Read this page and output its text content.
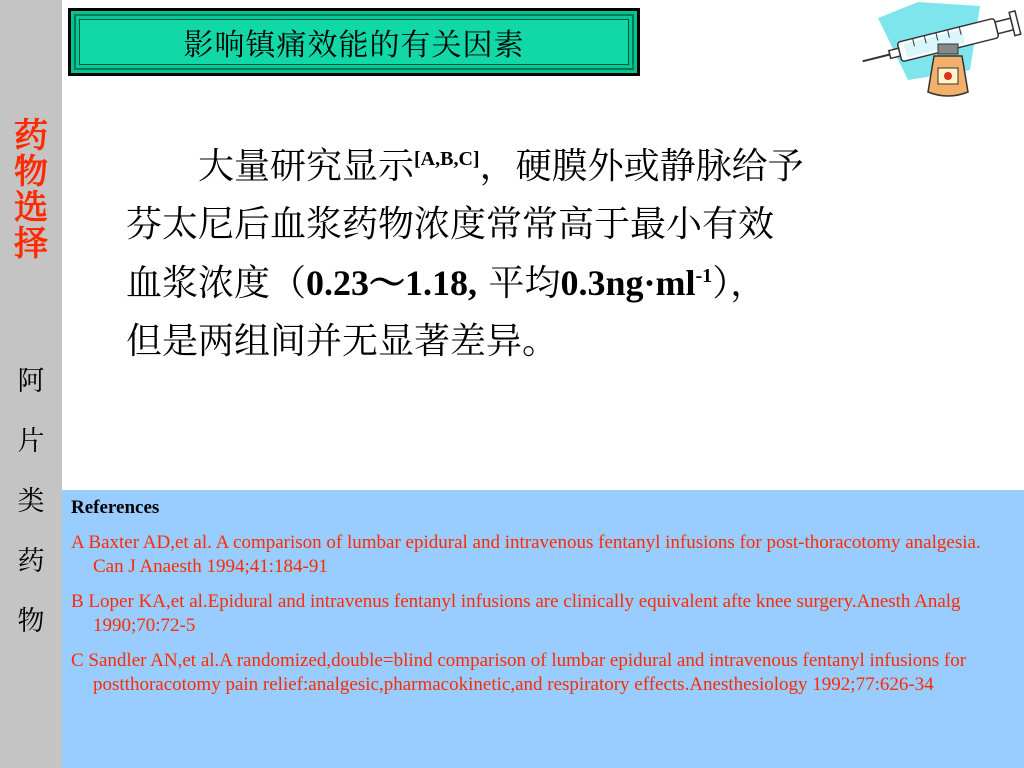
药
物
选
择
阿
片
类
药
物
影响镇痛效能的有关因素
大量研究显示[A,B,C]，硬膜外或静脉给予
芬太尼后血浆药物浓度常常高于最小有效
血浆浓度（0.23～1.18, 平均$0.3ng\cdot ml^{-1}$），
但是两组间并无显著差异。
References
A Baxter AD,et al. A comparison of lumbar epidural and intravenous fentanyl infusions for post-thoracotomy analgesia. Can J Anaesth 1994;41:184-91
B Loper KA,et al.Epidural and intravenus fentanyl infusions are clinically equivalent afte knee surgery.Anesth Analg 1990;70:72-5
C Sandler AN,et al.A randomized,double=blind comparison of lumbar epidural and intravenous fentanyl infusions for postthoracotomy pain relief:analgesic,pharmacokinetic,and respiratory effects.Anesthesiology 1992;77:626-34
